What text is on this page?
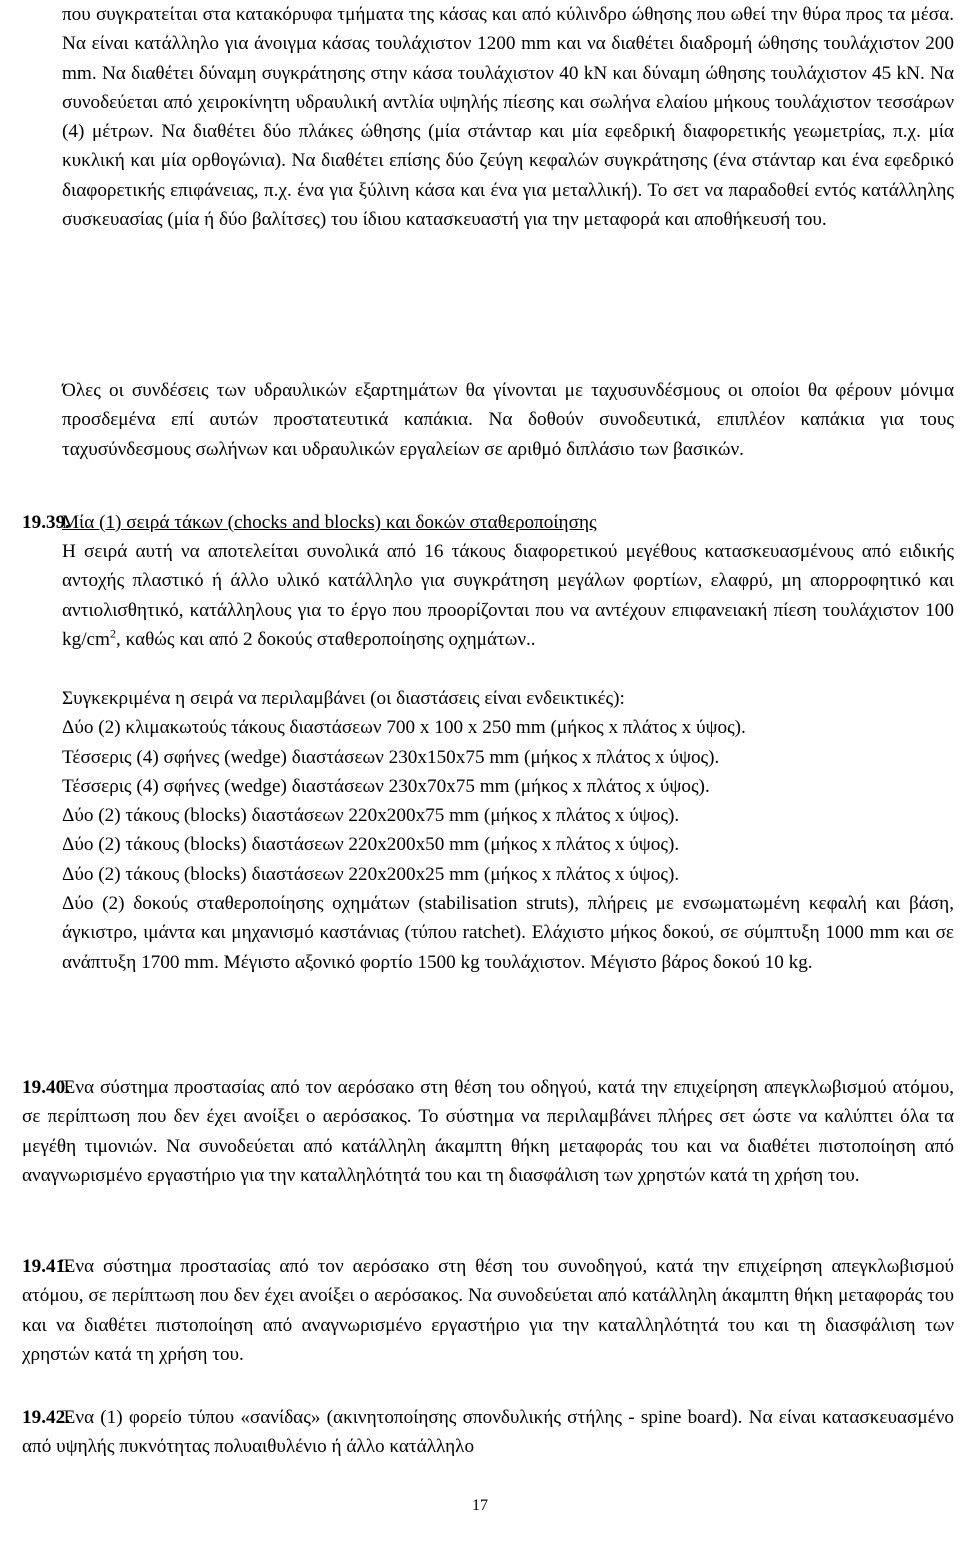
που συγκρατείται στα κατακόρυφα τμήματα της κάσας και από κύλινδρο ώθησης που ωθεί την θύρα προς τα μέσα. Να είναι κατάλληλο για άνοιγμα κάσας τουλάχιστον 1200 mm και να διαθέτει διαδρομή ώθησης τουλάχιστον 200 mm. Να διαθέτει δύναμη συγκράτησης στην κάσα τουλάχιστον 40 kN και δύναμη ώθησης τουλάχιστον 45 kN. Να συνοδεύεται από χειροκίνητη υδραυλική αντλία υψηλής πίεσης και σωλήνα ελαίου μήκους τουλάχιστον τεσσάρων (4) μέτρων. Να διαθέτει δύο πλάκες ώθησης (μία στάνταρ και μία εφεδρική διαφορετικής γεωμετρίας, π.χ. μία κυκλική και μία ορθογώνια). Να διαθέτει επίσης δύο ζεύγη κεφαλών συγκράτησης (ένα στάνταρ και ένα εφεδρικό διαφορετικής επιφάνειας, π.χ. ένα για ξύλινη κάσα και ένα για μεταλλική). Το σετ να παραδοθεί εντός κατάλληλης συσκευασίας (μία ή δύο βαλίτσες) του ίδιου κατασκευαστή για την μεταφορά και αποθήκευσή του.

Όλες οι συνδέσεις των υδραυλικών εξαρτημάτων θα γίνονται με ταχυσυνδέσμους οι οποίοι θα φέρουν μόνιμα προσδεμένα επί αυτών προστατευτικά καπάκια. Να δοθούν συνοδευτικά, επιπλέον καπάκια για τους ταχυσύνδεσμους σωλήνων και υδραυλικών εργαλείων σε αριθμό διπλάσιο των βασικών.

19.39.
Μία (1) σειρά τάκων (chocks and blocks) και δοκών σταθεροποίησης

Η σειρά αυτή να αποτελείται συνολικά από 16 τάκους διαφορετικού μεγέθους κατασκευασμένους από ειδικής αντοχής πλαστικό ή άλλο υλικό κατάλληλο για συγκράτηση μεγάλων φορτίων, ελαφρύ, μη απορροφητικό και αντιολισθητικό, κατάλληλους για το έργο που προορίζονται που να αντέχουν επιφανειακή πίεση τουλάχιστον 100 $kg/cm^2$, καθώς και από 2 δοκούς σταθεροποίησης οχημάτων..

Συγκεκριμένα η σειρά να περιλαμβάνει (οι διαστάσεις είναι ενδεικτικές):
Δύο (2) κλιμακωτούς τάκους διαστάσεων 700 x 100 x 250 mm (μήκος x πλάτος x ύψος).
Τέσσερις (4) σφήνες (wedge) διαστάσεων 230x150x75 mm (μήκος x πλάτος x ύψος).
Τέσσερις (4) σφήνες (wedge) διαστάσεων 230x70x75 mm (μήκος x πλάτος x ύψος).
Δύο (2) τάκους (blocks) διαστάσεων 220x200x75 mm (μήκος x πλάτος x ύψος).
Δύο (2) τάκους (blocks) διαστάσεων 220x200x50 mm (μήκος x πλάτος x ύψος).
Δύο (2) τάκους (blocks) διαστάσεων 220x200x25 mm (μήκος x πλάτος x ύψος).
Δύο (2) δοκούς σταθεροποίησης οχημάτων (stabilisation struts), πλήρεις με ενσωματωμένη κεφαλή και βάση, άγκιστρο, ιμάντα και μηχανισμό καστάνιας (τύπου ratchet). Ελάχιστο μήκος δοκού, σε σύμπτυξη 1000 mm και σε ανάπτυξη 1700 mm. Μέγιστο αξονικό φορτίο 1500 kg τουλάχιστον. Μέγιστο βάρος δοκού 10 kg.
19.40.

Ένα σύστημα προστασίας από τον αερόσακο στη θέση του οδηγού, κατά την επιχείρηση απεγκλωβισμού ατόμου, σε περίπτωση που δεν έχει ανοίξει ο αερόσακος. Το σύστημα να περιλαμβάνει πλήρες σετ ώστε να καλύπτει όλα τα μεγέθη τιμονιών. Να συνοδεύεται από κατάλληλη άκαμπτη θήκη μεταφοράς του και να διαθέτει πιστοποίηση από αναγνωρισμένο εργαστήριο για την καταλληλότητά του και τη διασφάλιση των χρηστών κατά τη χρήση του.

19.41.

Ένα σύστημα προστασίας από τον αερόσακο στη θέση του συνοδηγού, κατά την επιχείρηση απεγκλωβισμού ατόμου, σε περίπτωση που δεν έχει ανοίξει ο αερόσακος. Να συνοδεύεται από κατάλληλη άκαμπτη θήκη μεταφοράς του και να διαθέτει πιστοποίηση από αναγνωρισμένο εργαστήριο για την καταλληλότητά του και τη διασφάλιση των χρηστών κατά τη χρήση του.

19.42.

Ένα (1) φορείο τύπου «σανίδας» (ακινητοποίησης σπονδυλικής στήλης - spine board). Να είναι κατασκευασμένο από υψηλής πυκνότητας πολυαιθυλένιο ή άλλο κατάλληλο

17
